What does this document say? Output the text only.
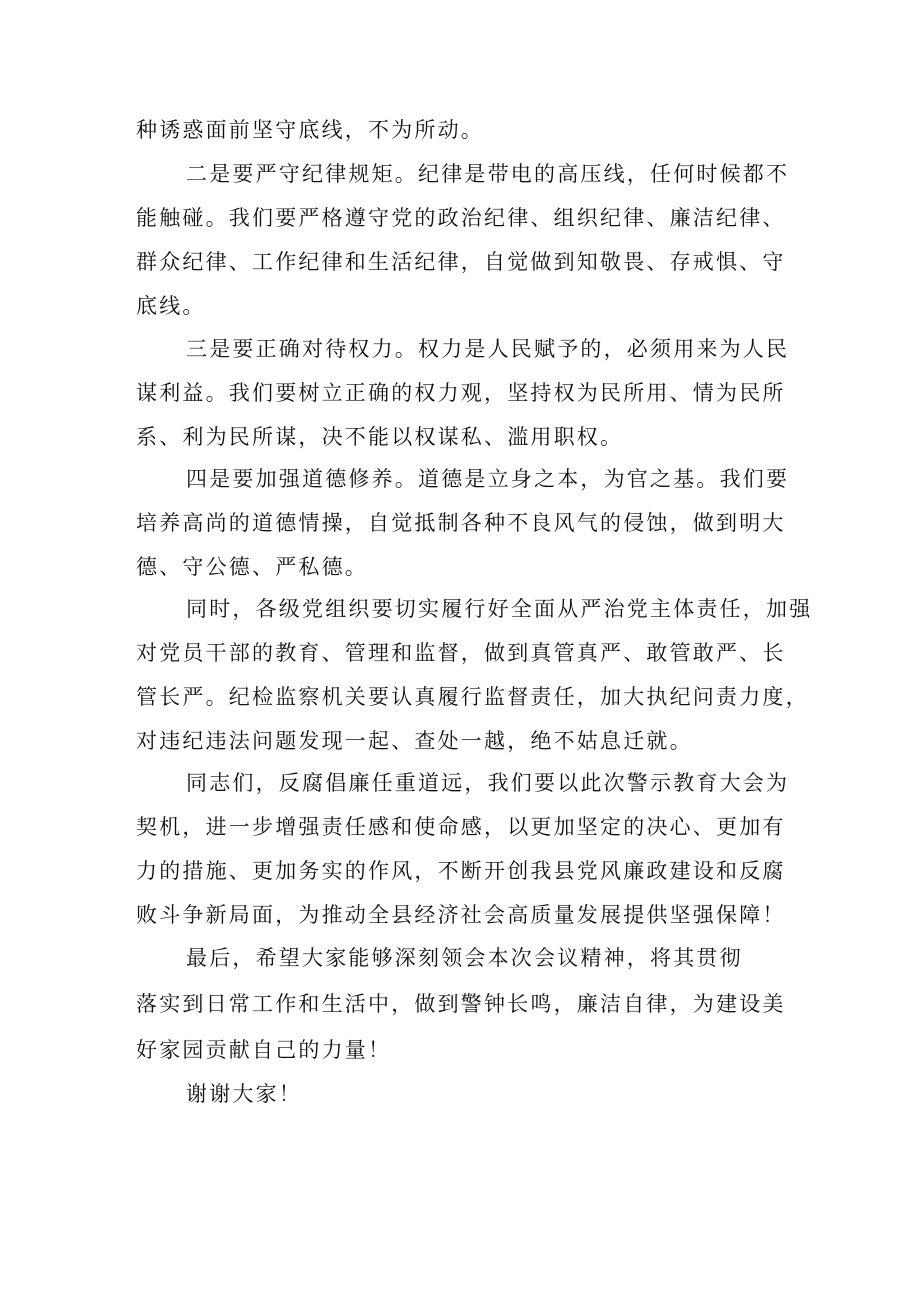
种诱惑面前坚守底线，不为所动。
二是要严守纪律规矩。纪律是带电的高压线，任何时候都不
能触碰。我们要严格遵守党的政治纪律、组织纪律、廉洁纪律、
群众纪律、工作纪律和生活纪律，自觉做到知敬畏、存戒惧、守
底线。
三是要正确对待权力。权力是人民赋予的，必须用来为人民
谋利益。我们要树立正确的权力观，坚持权为民所用、情为民所
系、利为民所谋，决不能以权谋私、滥用职权。
四是要加强道德修养。道德是立身之本，为官之基。我们要
培养高尚的道德情操，自觉抵制各种不良风气的侵蚀，做到明大
德、守公德、严私德。
同时，各级党组织要切实履行好全面从严治党主体责任，加强
对党员干部的教育、管理和监督，做到真管真严、敢管敢严、长
管长严。纪检监察机关要认真履行监督责任，加大执纪问责力度，
对违纪违法问题发现一起、查处一越，绝不姑息迁就。
同志们，反腐倡廉任重道远，我们要以此次警示教育大会为
契机，进一步增强责任感和使命感，以更加坚定的决心、更加有
力的措施、更加务实的作风，不断开创我县党风廉政建设和反腐
败斗争新局面，为推动全县经济社会高质量发展提供坚强保障！
最后，希望大家能够深刻领会本次会议精神，将其贯彻
落实到日常工作和生活中，做到警钟长鸣，廉洁自律，为建设美
好家园贡献自己的力量！
谢谢大家！
